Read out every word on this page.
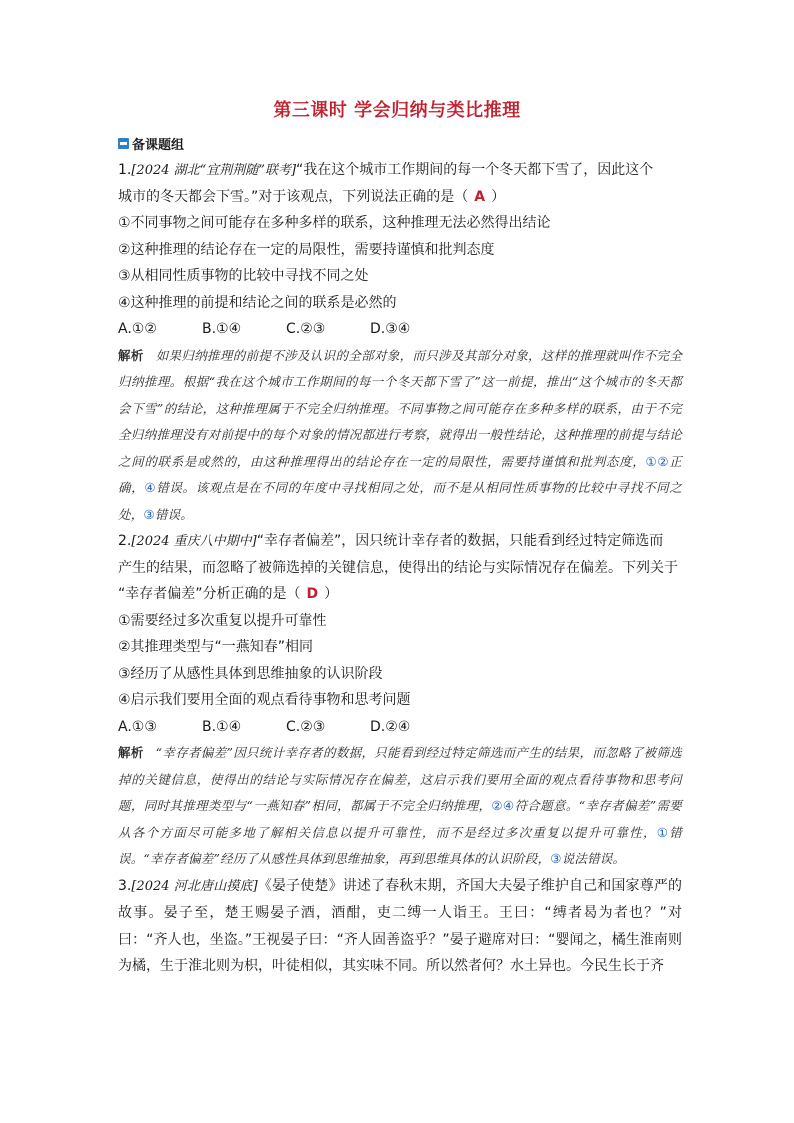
第三课时 学会归纳与类比推理
备课题组
1.[2024 湖北“宜荆荆随”联考]“我在这个城市工作期间的每一个冬天都下雪了，因此这个
城市的冬天都会下雪。”对于该观点，下列说法正确的是（ A ）
①不同事物之间可能存在多种多样的联系，这种推理无法必然得出结论
②这种推理的结论存在一定的局限性，需要持谨慎和批判态度
③从相同性质事物的比较中寻找不同之处
④这种推理的前提和结论之间的联系是必然的
A.①②	B.①④	C.②③	D.③④
解析 如果归纳推理的前提不涉及认识的全部对象，而只涉及其部分对象，这样的推理就叫作不完全归纳推理。根据“我在这个城市工作期间的每一个冬天都下雪了”这一前提，推出“这个城市的冬天都会下雪”的结论，这种推理属于不完全归纳推理。不同事物之间可能存在多种多样的联系，由于不完全归纳推理没有对前提中的每个对象的情况都进行考察，就得出一般性结论，这种推理的前提与结论之间的联系是或然的，由这种推理得出的结论存在一定的局限性，需要持谨慎和批判态度，①②正确，④错误。该观点是在不同的年度中寻找相同之处，而不是从相同性质事物的比较中寻找不同之处，③错误。
2.[2024 重庆八中期中]“幸存者偏差”，因只统计幸存者的数据，只能看到经过特定筛选而
产生的结果，而忽略了被筛选掉的关键信息，使得出的结论与实际情况存在偏差。下列关于
“幸存者偏差”分析正确的是（ D ）
①需要经过多次重复以提升可靠性
②其推理类型与“一燕知春”相同
③经历了从感性具体到思维抽象的认识阶段
④启示我们要用全面的观点看待事物和思考问题
A.①③	B.①④	C.②③	D.②④
解析 “幸存者偏差”因只统计幸存者的数据，只能看到经过特定筛选而产生的结果，而忽略了被筛选掉的关键信息，使得出的结论与实际情况存在偏差，这启示我们要用全面的观点看待事物和思考问题，同时其推理类型与“一燕知春”相同，都属于不完全归纳推理，②④符合题意。“幸存者偏差”需要从各个方面尽可能多地了解相关信息以提升可靠性，而不是经过多次重复以提升可靠性，①错误。“幸存者偏差”经历了从感性具体到思维抽象，再到思维具体的认识阶段，③说法错误。
3.[2024 河北唐山摸底]《晏子使楚》讲述了春秋末期，齐国大夫晏子维护自己和国家尊严的故事。晏子至，楚王赐晏子酒，酒酣，吏二缚一人诣王。王曰：“缚者曷为者也？”对曰：“齐人也，坐盗。”王视晏子曰：“齐人固善盗乎？”晏子避席对曰：“婴闻之，橘生淮南则为橘，生于淮北则为枳，叶徒相似，其实味不同。所以然者何？水土异也。今民生长于齐
